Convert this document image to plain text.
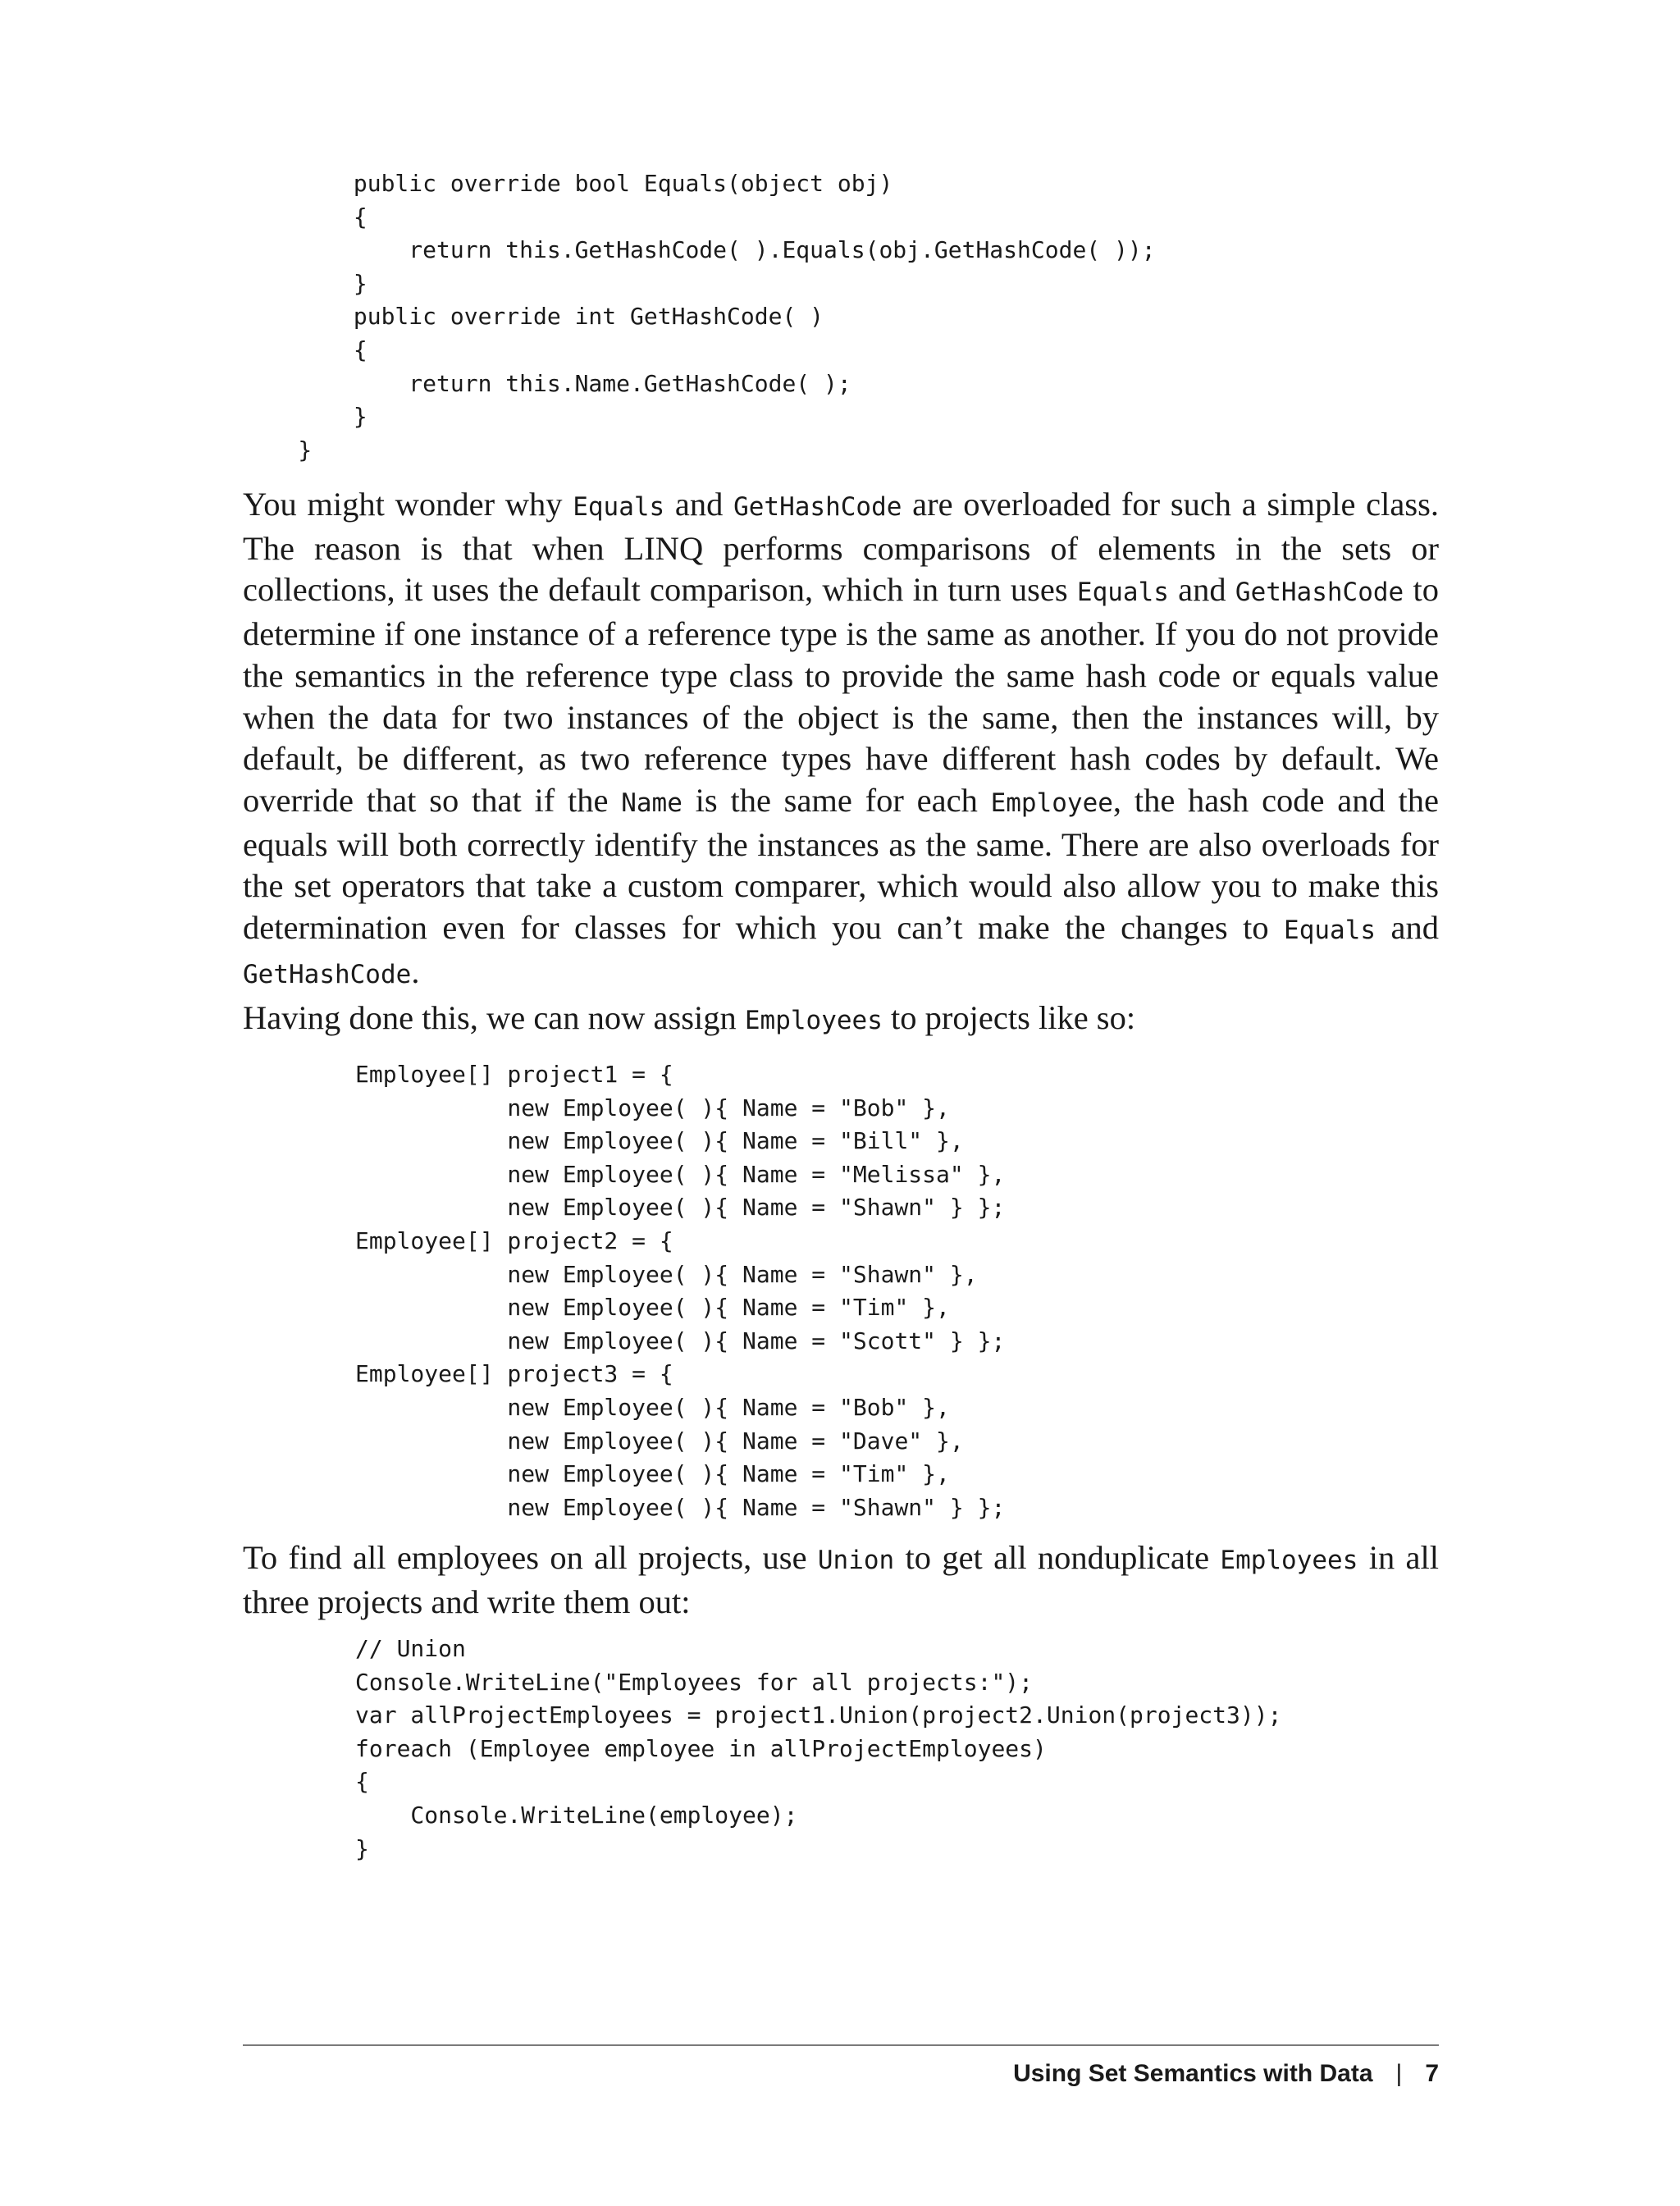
public override bool Equals(object obj)
{
return this.GetHashCode( ).Equals(obj.GetHashCode( ));
}
public override int GetHashCode( )
{
return this.Name.GetHashCode( );
}
}

You might wonder why Equals and GetHashCode are overloaded for such a simple class. The reason is that when LINQ performs comparisons of elements in the sets or collections, it uses the default comparison, which in turn uses Equals and GetHashCode to determine if one instance of a reference type is the same as another. If you do not provide the semantics in the reference type class to provide the same hash code or equals value when the data for two instances of the object is the same, then the instances will, by default, be different, as two reference types have different hash codes by default. We override that so that if the Name is the same for each Employee, the hash code and the equals will both correctly identify the instances as the same. There are also overloads for the set operators that take a custom comparer, which would also allow you to make this determination even for classes for which you can’t make the changes to Equals and GetHashCode.

Having done this, we can now assign Employees to projects like so:

Employee[] project1 = {
new Employee( ){ Name = "Bob" },
new Employee( ){ Name = "Bill" },
new Employee( ){ Name = "Melissa" },
new Employee( ){ Name = "Shawn" } };
Employee[] project2 = {
new Employee( ){ Name = "Shawn" },
new Employee( ){ Name = "Tim" },
new Employee( ){ Name = "Scott" } };
Employee[] project3 = {
new Employee( ){ Name = "Bob" },
new Employee( ){ Name = "Dave" },
new Employee( ){ Name = "Tim" },
new Employee( ){ Name = "Shawn" } };

To find all employees on all projects, use Union to get all nonduplicate Employees in all three projects and write them out:

// Union
Console.WriteLine("Employees for all projects:");
var allProjectEmployees = project1.Union(project2.Union(project3));
foreach (Employee employee in allProjectEmployees)
{
Console.WriteLine(employee);
}
Using Set Semantics with Data | 7
